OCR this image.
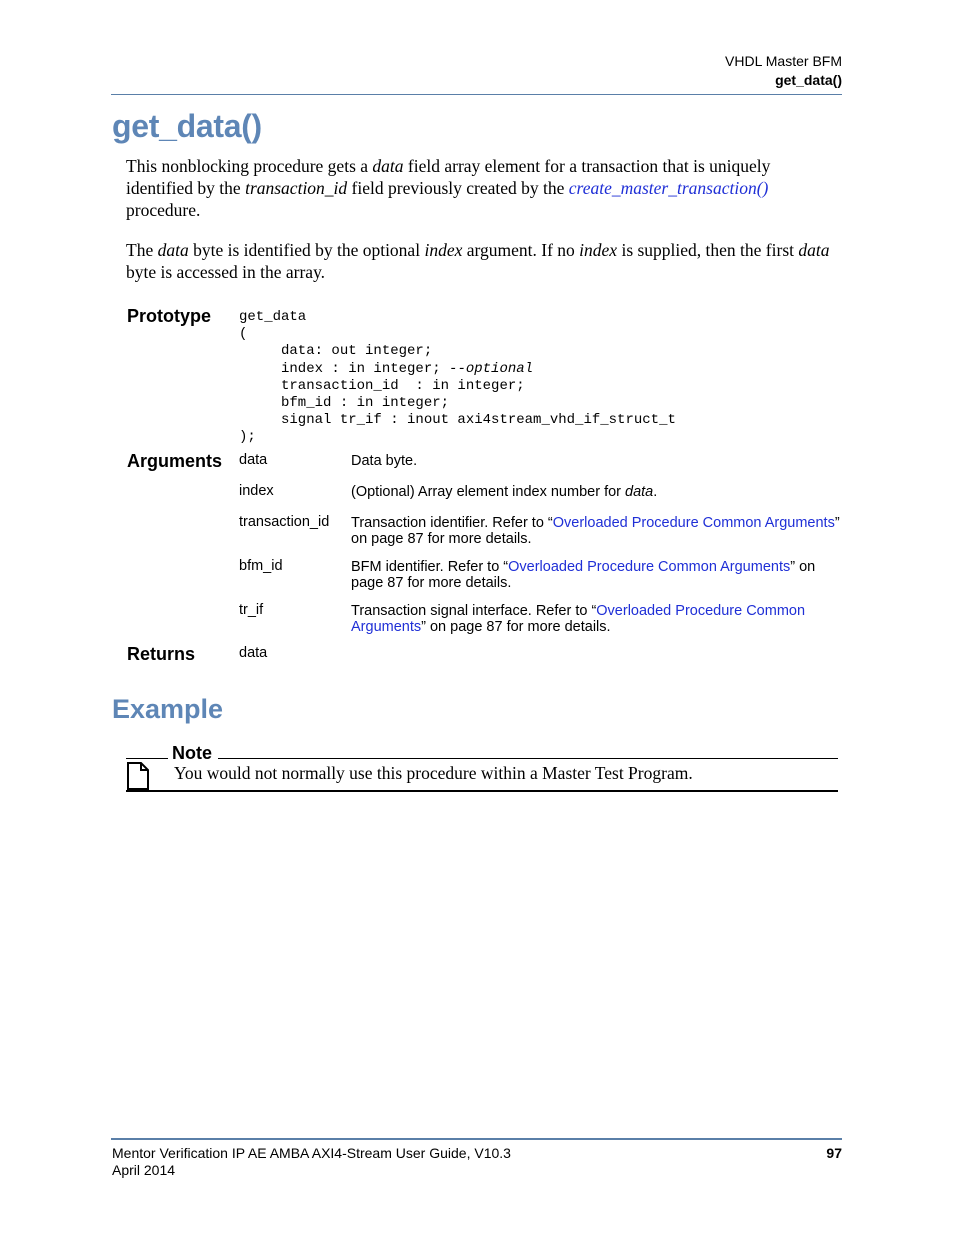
VHDL Master BFM
get_data()
get_data()

This nonblocking procedure gets a data field array element for a transaction that is uniquely identified by the transaction_id field previously created by the create_master_transaction() procedure.

The data byte is identified by the optional index argument. If no index is supplied, then the first data byte is accessed in the array.

Prototype get_data
(
data: out integer;
index : in integer; --optional
transaction_id  : in integer;
bfm_id : in integer;
signal tr_if : inout axi4stream_vhd_if_struct_t
);
Arguments data	Data byte.
index	(Optional) Array element index number for data.
transaction_id Transaction identifier. Refer to “Overloaded Procedure Common Arguments” on page 87 for more details.
bfm_id	BFM identifier. Refer to “Overloaded Procedure Common Arguments” on page 87 for more details.
tr_if	Transaction signal interface. Refer to “Overloaded Procedure Common Arguments” on page 87 for more details.
Returns	data
Example
Note
You would not normally use this procedure within a Master Test Program.
Mentor Verification IP AE AMBA AXI4-Stream User Guide, V10.3
April 2014
97
